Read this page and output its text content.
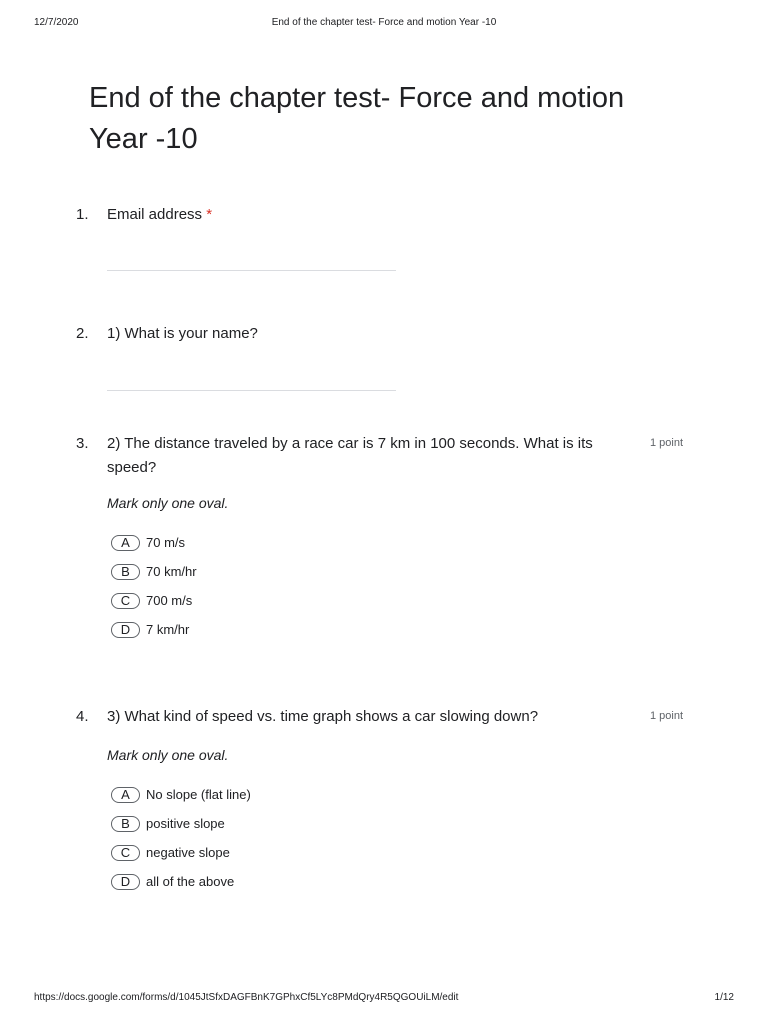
12/7/2020	End of the chapter test- Force and motion Year -10
End of the chapter test- Force and motion Year -10
1. Email address *
2. 1) What is your name?
3. 2) The distance traveled by a race car is 7 km in 100 seconds. What is its speed?
1 point
Mark only one oval.
A	70 m/s
B	70 km/hr
C	700 m/s
D	7 km/hr
4. 3) What kind of speed vs. time graph shows a car slowing down?	1 point
Mark only one oval.
A	No slope (flat line)
B	positive slope
C	negative slope
D	all of the above
https://docs.google.com/forms/d/1045JtSfxDAGFBnK7GPhxCf5LYc8PMdQry4R5QGOUiLM/edit	1/12
